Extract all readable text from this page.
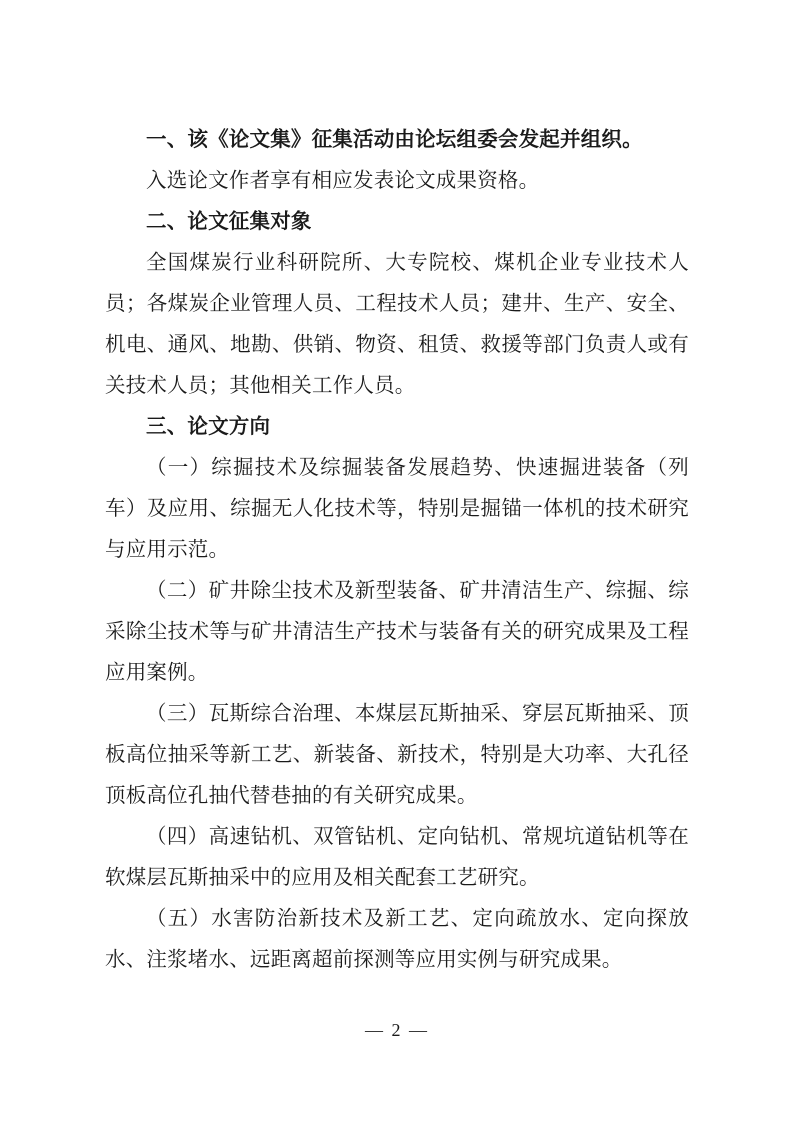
一、该《论文集》征集活动由论坛组委会发起并组织。

入选论文作者享有相应发表论文成果资格。

二、论文征集对象

全国煤炭行业科研院所、大专院校、煤机企业专业技术人员；各煤炭企业管理人员、工程技术人员；建井、生产、安全、机电、通风、地勘、供销、物资、租赁、救援等部门负责人或有关技术人员；其他相关工作人员。

三、论文方向

（一）综掘技术及综掘装备发展趋势、快速掘进装备（列车）及应用、综掘无人化技术等，特别是掘锚一体机的技术研究与应用示范。

（二）矿井除尘技术及新型装备、矿井清洁生产、综掘、综采除尘技术等与矿井清洁生产技术与装备有关的研究成果及工程应用案例。

（三）瓦斯综合治理、本煤层瓦斯抽采、穿层瓦斯抽采、顶板高位抽采等新工艺、新装备、新技术，特别是大功率、大孔径顶板高位孔抽代替巷抽的有关研究成果。

（四）高速钻机、双管钻机、定向钻机、常规坑道钻机等在软煤层瓦斯抽采中的应用及相关配套工艺研究。

（五）水害防治新技术及新工艺、定向疏放水、定向探放水、注浆堵水、远距离超前探测等应用实例与研究成果。

— 2 —
